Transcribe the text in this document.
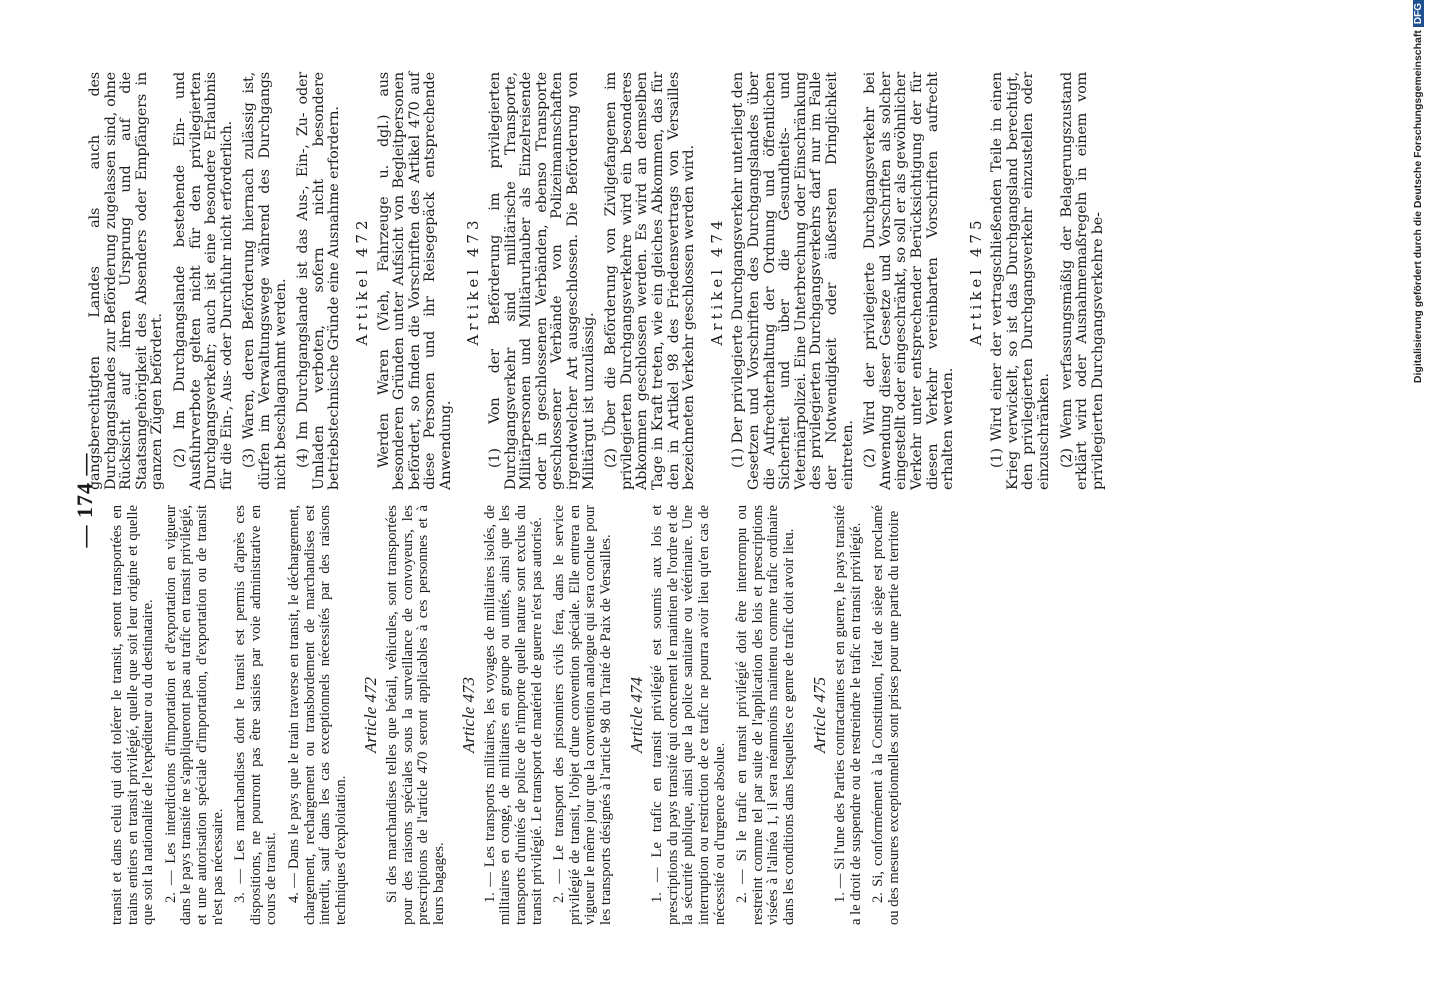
— 174 —

transit et dans celui qui doit tolérer le transit, seront transportées en trains entiers en transit privilégié, quelle que soit leur origine et quelle que soit la nationalité de l'expéditeur ou du destinataire. 2. — Les interdictions d'importation et d'exportation en vigueur dans le pays transité ne s'appliqueront pas au trafic en transit privilégié, et une autorisation spéciale d'importation, d'exportation ou de transit n'est pas nécessaire. 3. — Les marchandises dont le transit est permis d'après ces dispositions, ne pourront pas être saisies par voie administrative en cours de transit. 4. — Dans le pays que le train traverse en transit, le déchargement, chargement, rechargement ou transbordement de marchandises est interdit, sauf dans les cas exceptionnels nécessités par des raisons techniques d'exploitation.

Article 472 Si des marchandises telles que bétail, véhicules, sont transportées pour des raisons spéciales sous la surveillance de convoyeurs, les prescriptions de l'article 470 seront applicables à ces personnes et à leurs bagages.

Article 473 1. — Les transports militaires, les voyages de militaires isolés, de militaires en congé, de militaires en groupe ou unités, ainsi que les transports d'unités de police de n'importe quelle nature sont exclus du transit privilégié. Le transport de matériel de guerre n'est pas autorisé. 2. — Le transport des prisonniers civils fera, dans le service privilégié de transit, l'objet d'une convention spéciale. Elle entrera en vigueur le même jour que la convention analogue qui sera conclue pour les transports désignés à l'article 98 du Traité de Paix de Versailles. Article 474 1. — Le trafic en transit privilégié est soumis aux lois et prescriptions du pays transité qui concernent le maintien de l'ordre et de la sécurité publique, ainsi que la police sanitaire ou vétérinaire. Une interruption ou restriction de ce trafic ne pourra avoir lieu qu'en cas de nécessité ou d'urgence absolue. 2. — Si le trafic en transit privilégié doit être interrompu ou restreint comme tel par suite de l'application des lois et prescriptions visées à l'alinéa 1, il sera néanmoins maintenu comme trafic ordinaire dans les conditions dans lesquelles ce genre de trafic doit avoir lieu. Article 475 1. — Si l'une des Parties contractantes est en guerre, le pays transité a le droit de suspendre ou de restreindre le trafic en transit privilégié. 2. Si, conformément à la Constitution, l'état de siège est proclamé ou des mesures exceptionnelles sont prises pour une partie du territoire

gangsberechtigten Landes als auch des Durchgangslandes zur Beförderung zugelassen sind, ohne Rücksicht auf ihren Ursprung und auf die Staatsangehörigkeit des Absenders oder Empfängers in ganzen Zügen befördert. (2) Im Durchgangslande bestehende Ein- und Ausfuhrverbote gelten nicht für den privilegierten Durchgangsverkehr; auch ist eine besondere Erlaubnis für die Ein-, Aus- oder Durchfuhr nicht erforderlich. (3) Waren, deren Beförderung hiernach zulässig ist, dürfen im Verwaltungswege während des Durchgangs nicht beschlagnahmt werden. (4) Im Durchgangslande ist das Aus-, Ein-, Zu- oder Umladen verboten, sofern nicht besondere betriebstechnische Gründe eine Ausnahme erfordern. Artikel 472 Werden Waren (Vieh, Fahrzeuge u. dgl.) aus besonderen Gründen unter Aufsicht von Begleitpersonen befördert, so finden die Vorschriften des Artikel 470 auf diese Personen und ihr Reisegepäck entsprechende Anwendung.

Artikel 473 (1) Von der Beförderung im privilegierten Durchgangsverkehr sind militärische Transporte, Militärpersonen und Militärurlauber als Einzelreisende oder in geschlossenen Verbänden, ebenso Transporte geschlossener Verbände von Polizeimannschaften irgendwelcher Art ausgeschlossen. Die Beförderung von Militärgut ist unzulässig. (2) Über die Beförderung von Zivilgefangenen im privilegierten Durchgangsverkehre wird ein besonderes Abkommen geschlossen werden. Es wird an demselben Tage in Kraft treten, wie ein gleiches Abkommen, das für den in Artikel 98 des Friedensvertrags von Versailles bezeichneten Verkehr geschlossen werden wird. Artikel 474 (1) Der privilegierte Durchgangsverkehr unterliegt den Gesetzen und Vorschriften des Durchgangslandes über die Aufrechterhaltung der Ordnung und öffentlichen Sicherheit und über die Gesundheits- und Veterinärpolizei. Eine Unterbrechung oder Einschränkung des privilegierten Durchgangsverkehrs darf nur im Falle der Notwendigkeit oder äußersten Dringlichkeit eintreten. (2) Wird der privilegierte Durchgangsverkehr bei Anwendung dieser Gesetze und Vorschriften als solcher eingestellt oder eingeschränkt, so soll er als gewöhnlicher Verkehr unter entsprechender Berücksichtigung der für diesen Verkehr vereinbarten Vorschriften aufrecht erhalten werden.

Artikel 475 (1) Wird einer der vertragschließenden Teile in einen Krieg verwickelt, so ist das Durchgangsland berechtigt, den privilegierten Durchgangsverkehr einzustellen oder einzuschränken. (2) Wenn verfassungsmäßig der Belagerungszustand erklärt wird oder Ausnahmemaßregeln in einem vom privilegierten Durchgangsverkehre be-	Digitalisierung gefördert durch die Deutsche ForschungsgemeinschaftDFG
